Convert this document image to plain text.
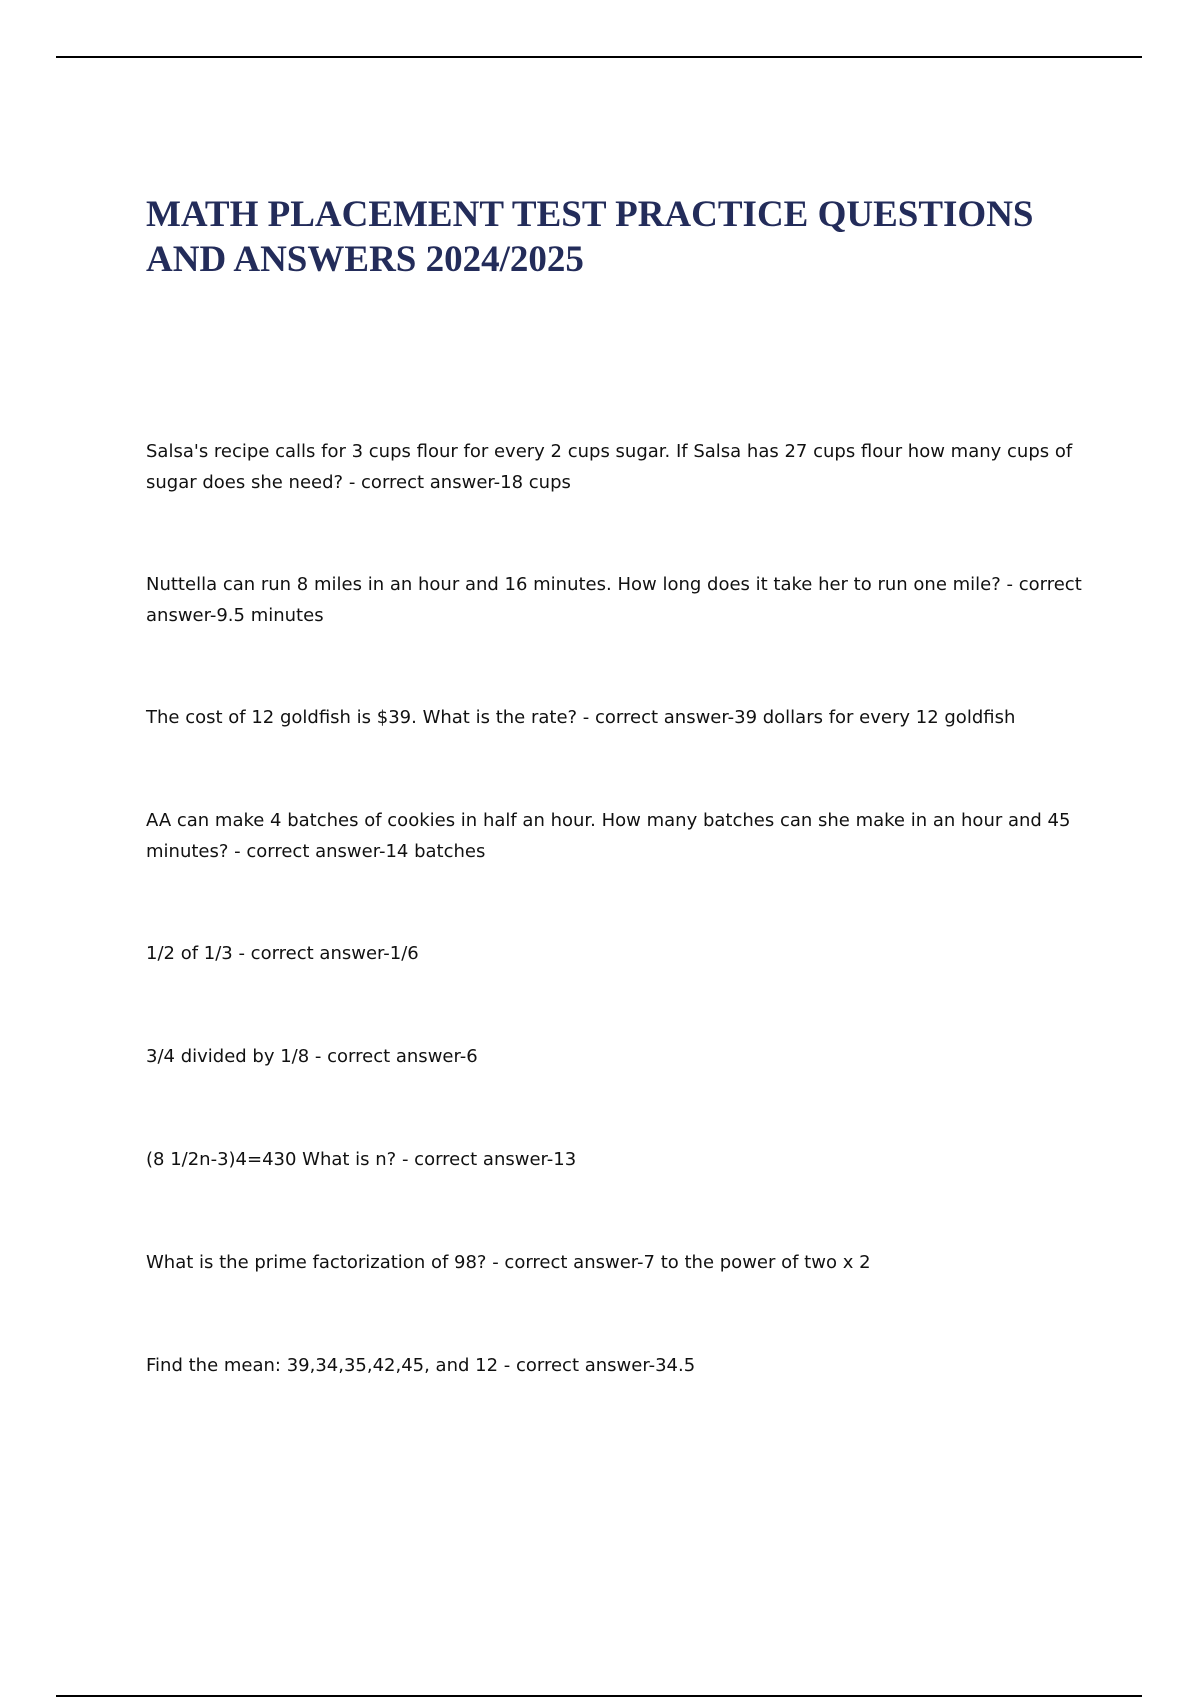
MATH PLACEMENT TEST PRACTICE QUESTIONS AND ANSWERS 2024/2025

Salsa's recipe calls for 3 cups flour for every 2 cups sugar. If Salsa has 27 cups flour how many cups of sugar does she need? - correct answer-18 cups

Nuttella can run 8 miles in an hour and 16 minutes. How long does it take her to run one mile? - correct answer-9.5 minutes

The cost of 12 goldfish is $39. What is the rate? - correct answer-39 dollars for every 12 goldfish

AA can make 4 batches of cookies in half an hour. How many batches can she make in an hour and 45 minutes? - correct answer-14 batches

1/2 of 1/3 - correct answer-1/6

3/4 divided by 1/8 - correct answer-6

(8 1/2n-3)4=430 What is n? - correct answer-13

What is the prime factorization of 98? - correct answer-7 to the power of two x 2

Find the mean: 39,34,35,42,45, and 12 - correct answer-34.5
